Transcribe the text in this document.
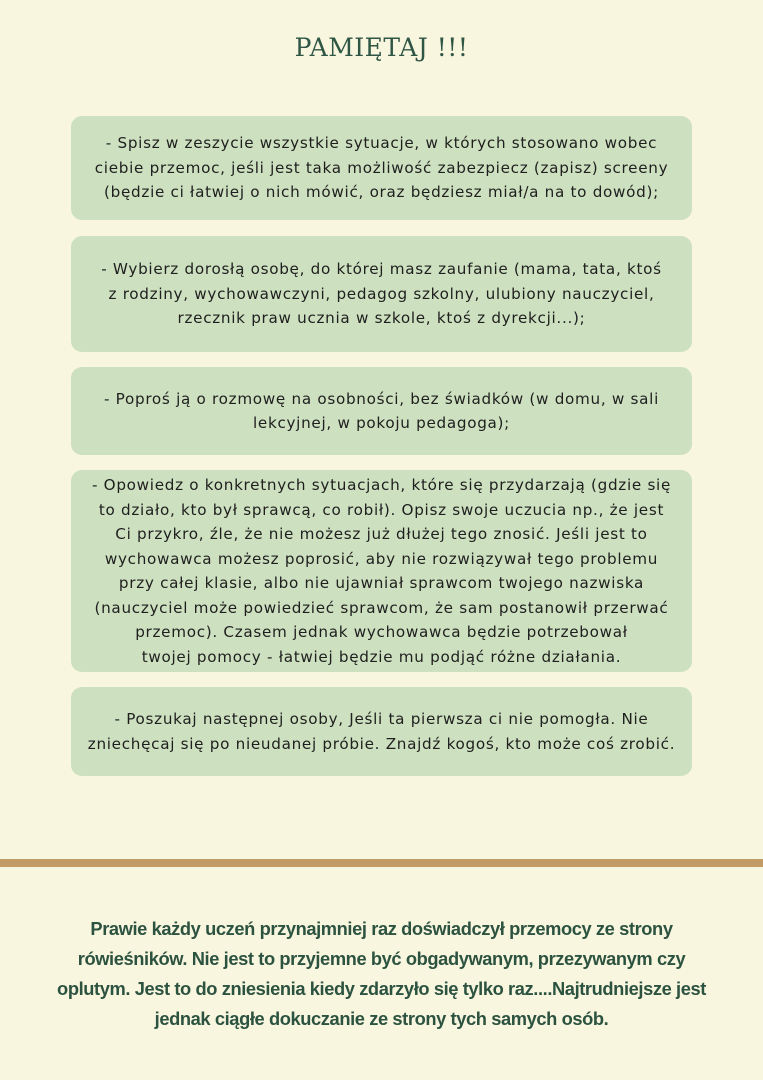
PAMIĘTAJ !!!
- Spisz w zeszycie wszystkie sytuacje, w których stosowano wobec
ciebie przemoc, jeśli jest taka możliwość zabezpiecz (zapisz) screeny
(będzie ci łatwiej o nich mówić, oraz będziesz miał/a na to dowód);
- Wybierz dorosłą osobę, do której masz zaufanie (mama, tata, ktoś
z rodziny, wychowawczyni, pedagog szkolny, ulubiony nauczyciel,
rzecznik praw ucznia w szkole, ktoś z dyrekcji...);
- Poproś ją o rozmowę na osobności, bez świadków (w domu, w sali
lekcyjnej, w pokoju pedagoga);
- Opowiedz o konkretnych sytuacjach, które się przydarzają (gdzie się
to działo, kto był sprawcą, co robił). Opisz swoje uczucia np., że jest
Ci przykro, źle, że nie możesz już dłużej tego znosić. Jeśli jest to
wychowawca możesz poprosić, aby nie rozwiązywał tego problemu
przy całej klasie, albo nie ujawniał sprawcom twojego nazwiska
(nauczyciel może powiedzieć sprawcom, że sam postanowił przerwać
przemoc). Czasem jednak wychowawca będzie potrzebował
twojej pomocy - łatwiej będzie mu podjąć różne działania.
- Poszukaj następnej osoby, Jeśli ta pierwsza ci nie pomogła. Nie
zniechęcaj się po nieudanej próbie. Znajdź kogoś, kto może coś zrobić.
Prawie każdy uczeń przynajmniej raz doświadczył przemocy ze strony
rówieśników. Nie jest to przyjemne być obgadywanym, przezywanym czy
oplutym. Jest to do zniesienia kiedy zdarzyło się tylko raz....Najtrudniejsze jest
jednak ciągłe dokuczanie ze strony tych samych osób.
